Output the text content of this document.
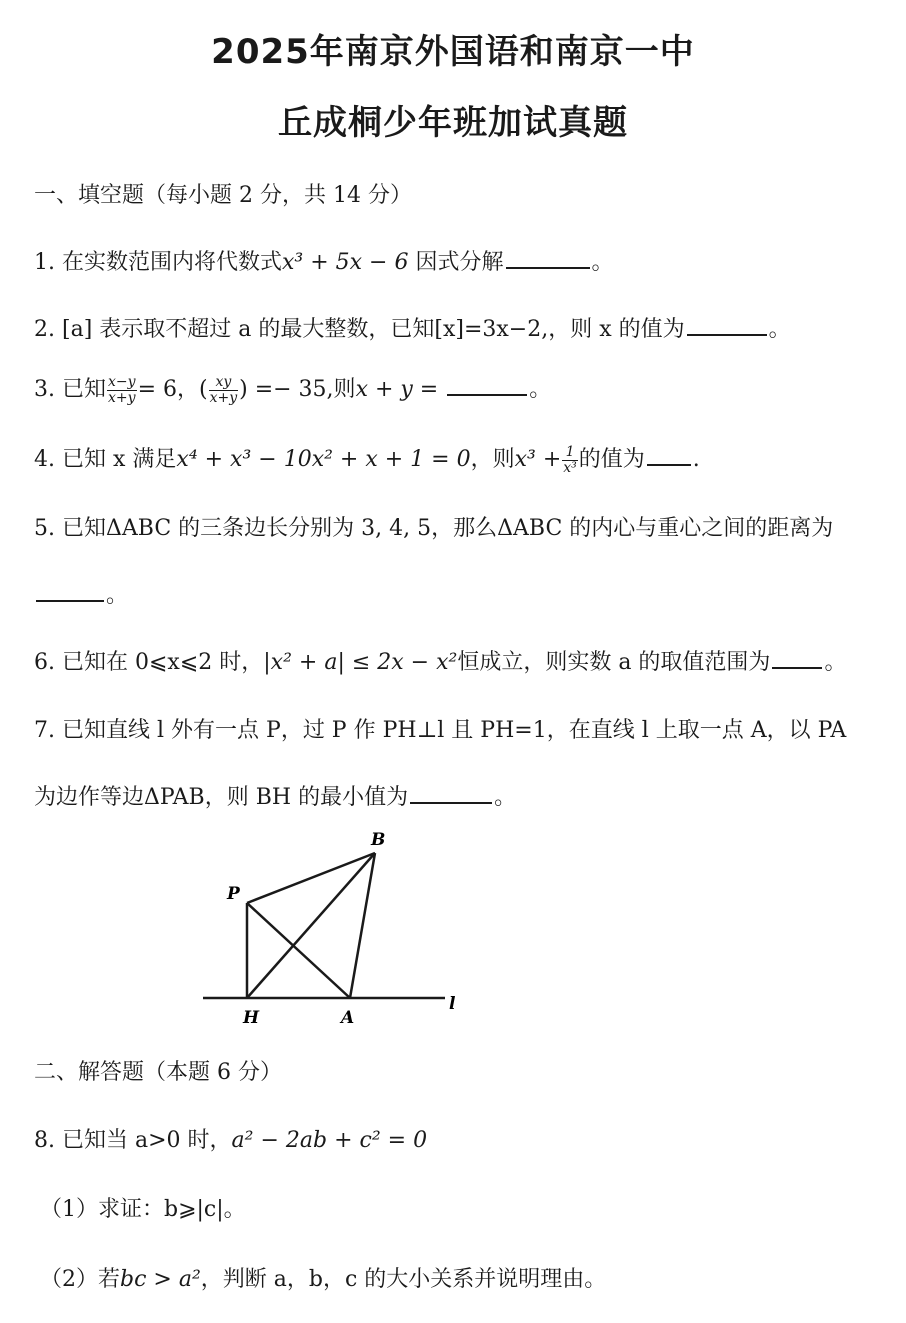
2025年南京外国语和南京一中
丘成桐少年班加试真题
一、填空题（每小题 2 分，共 14 分）
1. 在实数范围内将代数式x³ + 5x − 6 因式分解	。
2. [a] 表示取不超过 a 的最大整数，已知[x]=3x−2,，则 x 的值为	。
3. 已知 $\frac{x-y}{x+y} = 6$，( $\frac{xy}{x+y}$ ) =− 35,则x + y =	。
4. 已知 x 满足x⁴ + x³ − 10x² + x + 1 = 0，则$x^3 + \frac{1}{\text{x³}}$ 的值为 .
5. 已知ΔABC 的三条边长分别为 3, 4, 5，那么ΔABC 的内心与重心之间的距离为
。
6. 已知在 0⩽x⩽2 时，|x² + a| ≤ 2x − x²恒成立，则实数 a 的取值范围为 。
7. 已知直线 l 外有一点 P，过 P 作 PH⊥l 且 PH=1，在直线 l 上取一点 A，以 PA
为边作等边ΔPAB，则 BH 的最小值为	。
P
B
H	A
l
二、解答题（本题 6 分）
8. 已知当 a>0 时，a² − 2ab + c² = 0
（1）求证：b⩾|c|。
（2）若bc > a²，判断 a，b，c 的大小关系并说明理由。
